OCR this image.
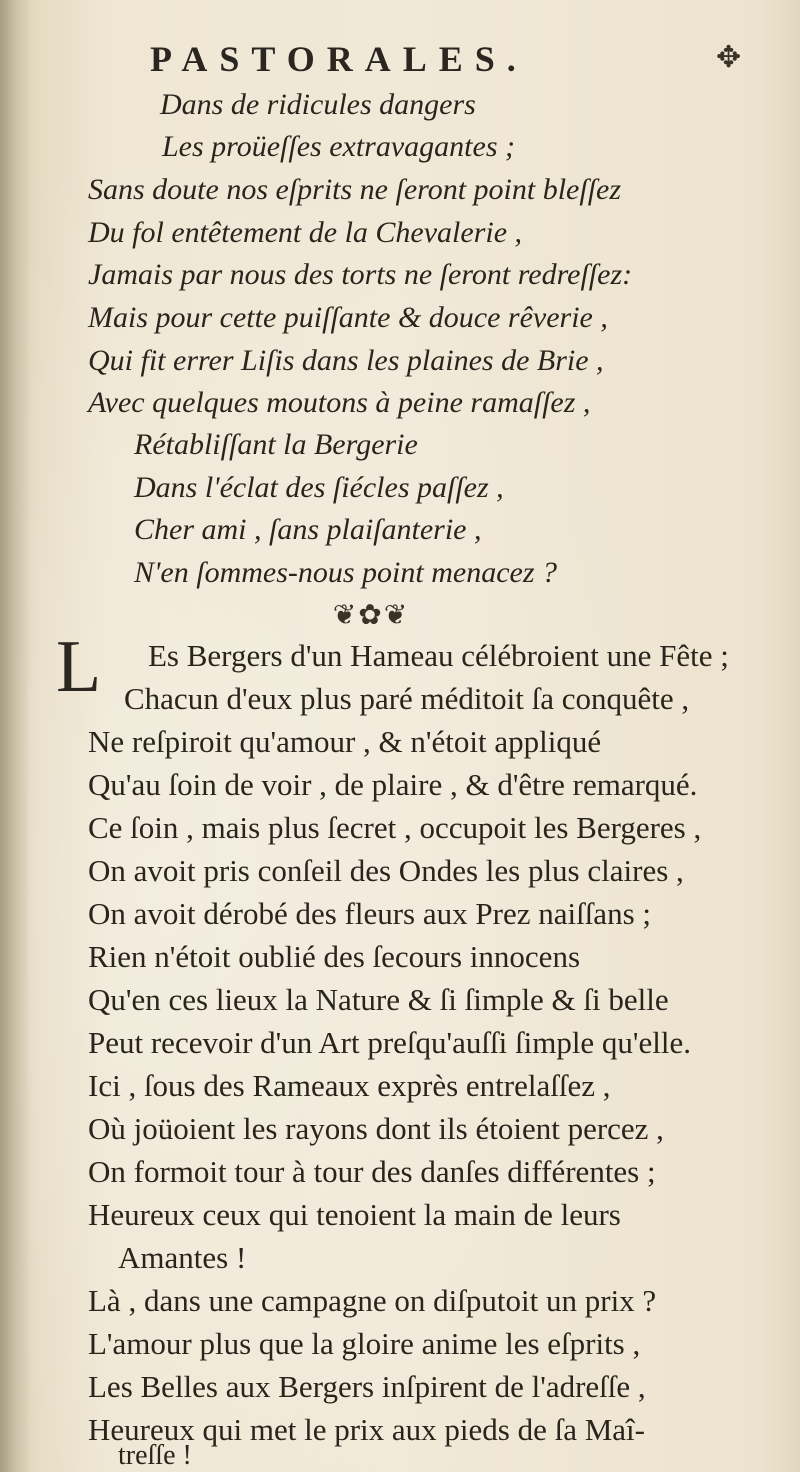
PASTORALES.	✥
Dans de ridicules dangers
Les proüeſſes extravagantes ;
Sans doute nos eſprits ne ſeront point bleſſez
Du fol entêtement de la Chevalerie ,
Jamais par nous des torts ne ſeront redreſſez:
Mais pour cette puiſſante & douce rêverie ,
Qui fit errer Liſis dans les plaines de Brie ,
Avec quelques moutons à peine ramaſſez ,
Rétabliſſant la Bergerie
Dans l'éclat des ſiécles paſſez ,
Cher ami , ſans plaiſanterie ,
N'en ſommes-nous point menacez ?
❦✿❦
L Es Bergers d'un Hameau célébroient une Fête ;
Chacun d'eux plus paré méditoit ſa conquête ,
Ne reſpiroit qu'amour , & n'étoit appliqué
Qu'au ſoin de voir , de plaire , & d'être remarqué.
Ce ſoin , mais plus ſecret , occupoit les Bergeres ,
On avoit pris conſeil des Ondes les plus claires ,
On avoit dérobé des fleurs aux Prez naiſſans ;
Rien n'étoit oublié des ſecours innocens
Qu'en ces lieux la Nature & ſi ſimple & ſi belle
Peut recevoir d'un Art preſqu'auſſi ſimple qu'elle.
Ici , ſous des Rameaux exprès entrelaſſez ,
Où joüoient les rayons dont ils étoient percez ,
On formoit tour à tour des danſes différentes ;
Heureux ceux qui tenoient la main de leurs
Amantes !
Là , dans une campagne on diſputoit un prix ?
L'amour plus que la gloire anime les eſprits ,
Les Belles aux Bergers inſpirent de l'adreſſe ,
Heureux qui met le prix aux pieds de ſa Maî-
treſſe !
